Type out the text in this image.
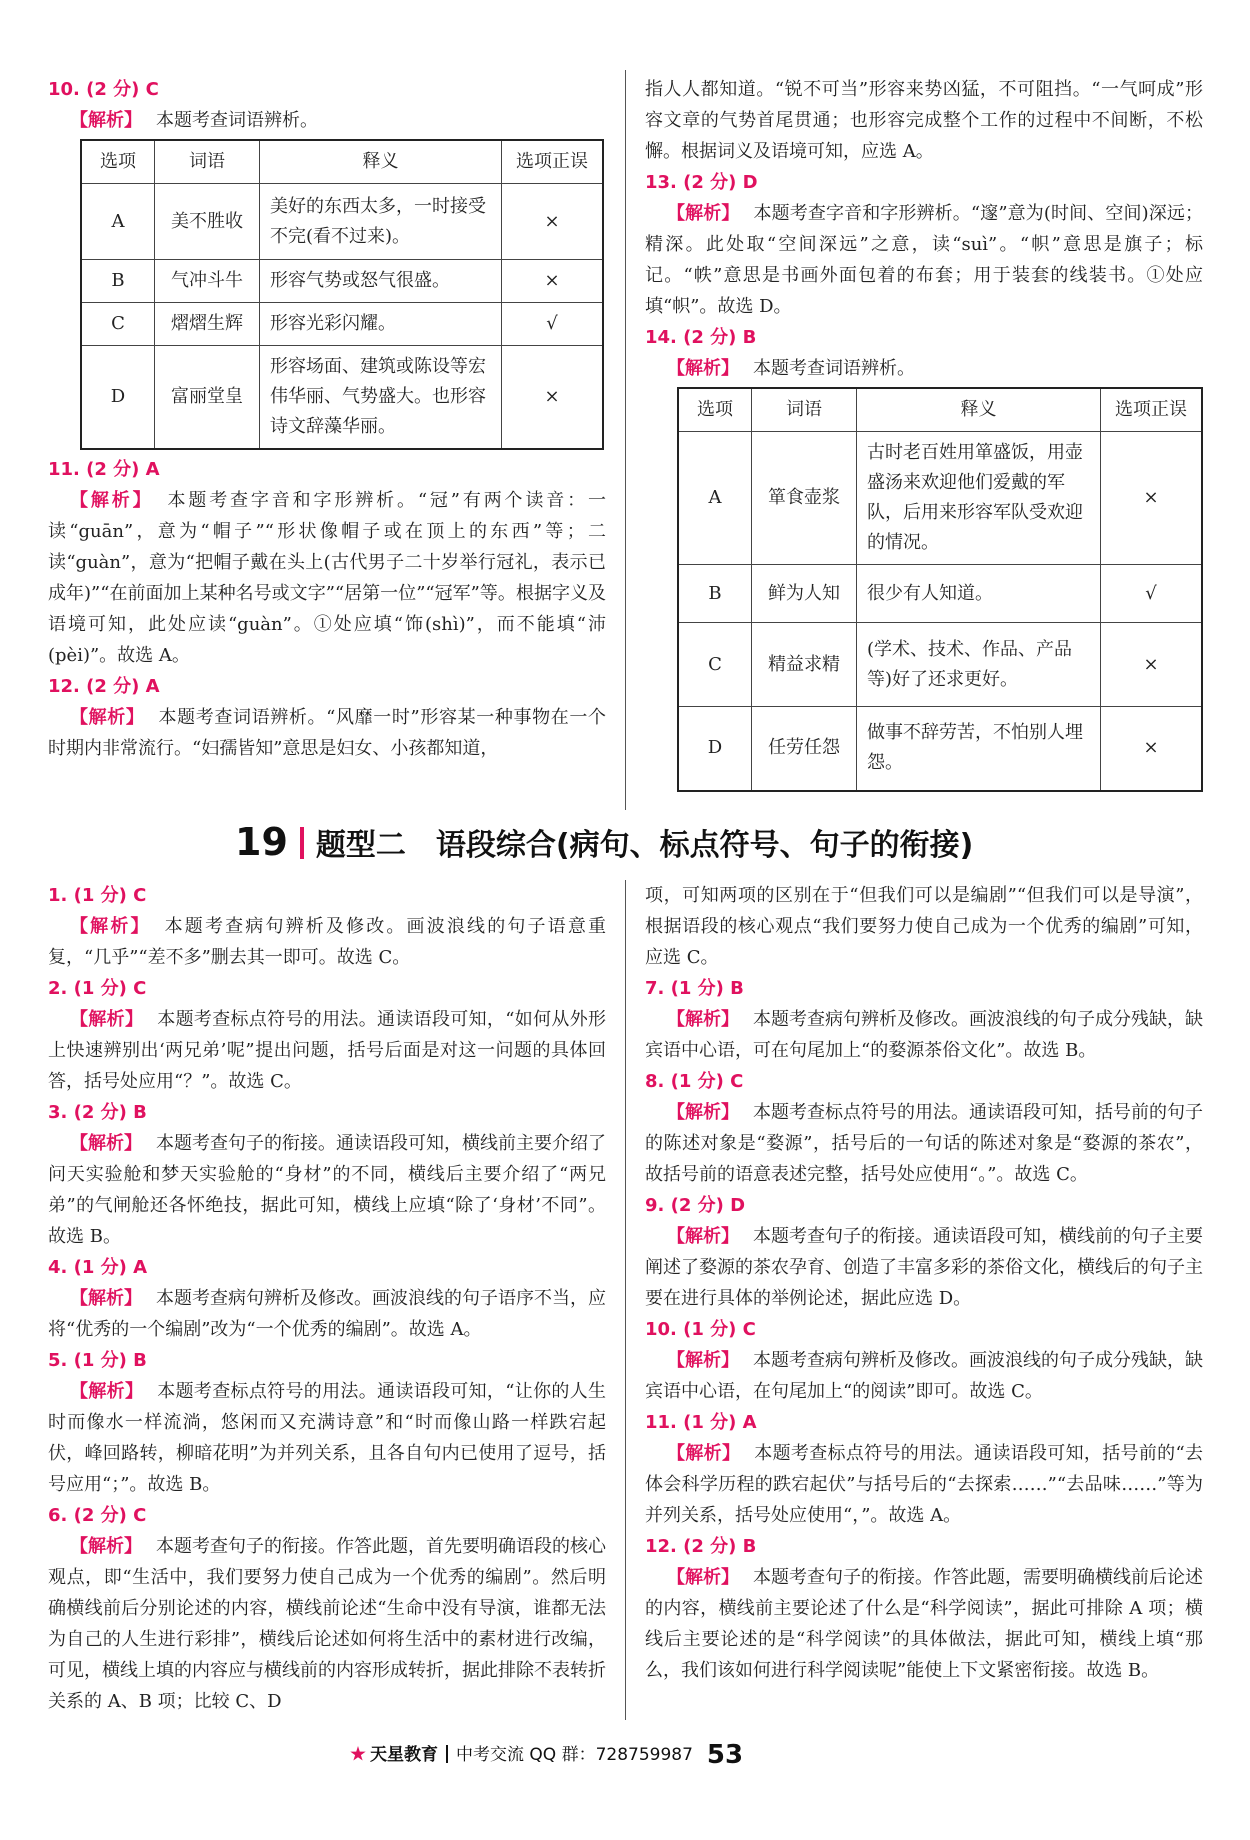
10. (2 分) C
【解析】 本题考查词语辨析。
选项	词语	释义	选项正误
A	美不胜收	美好的东西太多，一时接受不完(看不过来)。	×
B	气冲斗牛	形容气势或怒气很盛。	×
C	熠熠生辉	形容光彩闪耀。	√
D	富丽堂皇	形容场面、建筑或陈设等宏伟华丽、气势盛大。也形容诗文辞藻华丽。	×
11. (2 分) A
【解析】 本题考查字音和字形辨析。“冠”有两个读音：一读“guān”，意为“帽子”“形状像帽子或在顶上的东西”等；二读“guàn”，意为“把帽子戴在头上(古代男子二十岁举行冠礼，表示已成年)”“在前面加上某种名号或文字”“居第一位”“冠军”等。根据字义及语境可知，此处应读“guàn”。①处应填“饰(shì)”，而不能填“沛(pèi)”。故选 A。
12. (2 分) A
【解析】 本题考查词语辨析。“风靡一时”形容某一种事物在一个时期内非常流行。“妇孺皆知”意思是妇女、小孩都知道，
指人人都知道。“锐不可当”形容来势凶猛，不可阻挡。“一气呵成”形容文章的气势首尾贯通；也形容完成整个工作的过程中不间断，不松懈。根据词义及语境可知，应选 A。
13. (2 分) D
【解析】 本题考查字音和字形辨析。“邃”意为(时间、空间)深远；精深。此处取“空间深远”之意，读“suì”。“帜”意思是旗子；标记。“帙”意思是书画外面包着的布套；用于装套的线装书。①处应填“帜”。故选 D。
14. (2 分) B
【解析】 本题考查词语辨析。
选项	词语	释义	选项正误
A	箪食壶浆	古时老百姓用箪盛饭，用壶盛汤来欢迎他们爱戴的军队，后用来形容军队受欢迎的情况。	×
B	鲜为人知	很少有人知道。	√
C	精益求精	(学术、技术、作品、产品等)好了还求更好。	×
D	任劳任怨	做事不辞劳苦，不怕别人埋怨。	×
19 题型二　语段综合(病句、标点符号、句子的衔接)
1. (1 分) C
【解析】 本题考查病句辨析及修改。画波浪线的句子语意重复，“几乎”“差不多”删去其一即可。故选 C。
2. (1 分) C
【解析】 本题考查标点符号的用法。通读语段可知，“如何从外形上快速辨别出‘两兄弟’呢”提出问题，括号后面是对这一问题的具体回答，括号处应用“？”。故选 C。
3. (2 分) B
【解析】 本题考查句子的衔接。通读语段可知，横线前主要介绍了问天实验舱和梦天实验舱的“身材”的不同，横线后主要介绍了“两兄弟”的气闸舱还各怀绝技，据此可知，横线上应填“除了‘身材’不同”。故选 B。
4. (1 分) A
【解析】 本题考查病句辨析及修改。画波浪线的句子语序不当，应将“优秀的一个编剧”改为“一个优秀的编剧”。故选 A。
5. (1 分) B
【解析】 本题考查标点符号的用法。通读语段可知，“让你的人生时而像水一样流淌，悠闲而又充满诗意”和“时而像山路一样跌宕起伏，峰回路转，柳暗花明”为并列关系，且各自句内已使用了逗号，括号应用“；”。故选 B。
6. (2 分) C
【解析】 本题考查句子的衔接。作答此题，首先要明确语段的核心观点，即“生活中，我们要努力使自己成为一个优秀的编剧”。然后明确横线前后分别论述的内容，横线前论述“生命中没有导演，谁都无法为自己的人生进行彩排”，横线后论述如何将生活中的素材进行改编，可见，横线上填的内容应与横线前的内容形成转折，据此排除不表转折关系的 A、B 项；比较 C、D
项，可知两项的区别在于“但我们可以是编剧”“但我们可以是导演”，根据语段的核心观点“我们要努力使自己成为一个优秀的编剧”可知，应选 C。
7. (1 分) B
【解析】 本题考查病句辨析及修改。画波浪线的句子成分残缺，缺宾语中心语，可在句尾加上“的婺源茶俗文化”。故选 B。
8. (1 分) C
【解析】 本题考查标点符号的用法。通读语段可知，括号前的句子的陈述对象是“婺源”，括号后的一句话的陈述对象是“婺源的茶农”，故括号前的语意表述完整，括号处应使用“。”。故选 C。
9. (2 分) D
【解析】 本题考查句子的衔接。通读语段可知，横线前的句子主要阐述了婺源的茶农孕育、创造了丰富多彩的茶俗文化，横线后的句子主要在进行具体的举例论述，据此应选 D。
10. (1 分) C
【解析】 本题考查病句辨析及修改。画波浪线的句子成分残缺，缺宾语中心语，在句尾加上“的阅读”即可。故选 C。
11. (1 分) A
【解析】 本题考查标点符号的用法。通读语段可知，括号前的“去体会科学历程的跌宕起伏”与括号后的“去探索……”“去品味……”等为并列关系，括号处应使用“，”。故选 A。
12. (2 分) B
【解析】 本题考查句子的衔接。作答此题，需要明确横线前后论述的内容，横线前主要论述了什么是“科学阅读”，据此可排除 A 项；横线后主要论述的是“科学阅读”的具体做法，据此可知，横线上填“那么，我们该如何进行科学阅读呢”能使上下文紧密衔接。故选 B。
天星教育 中考交流 QQ 群：728759987 53
